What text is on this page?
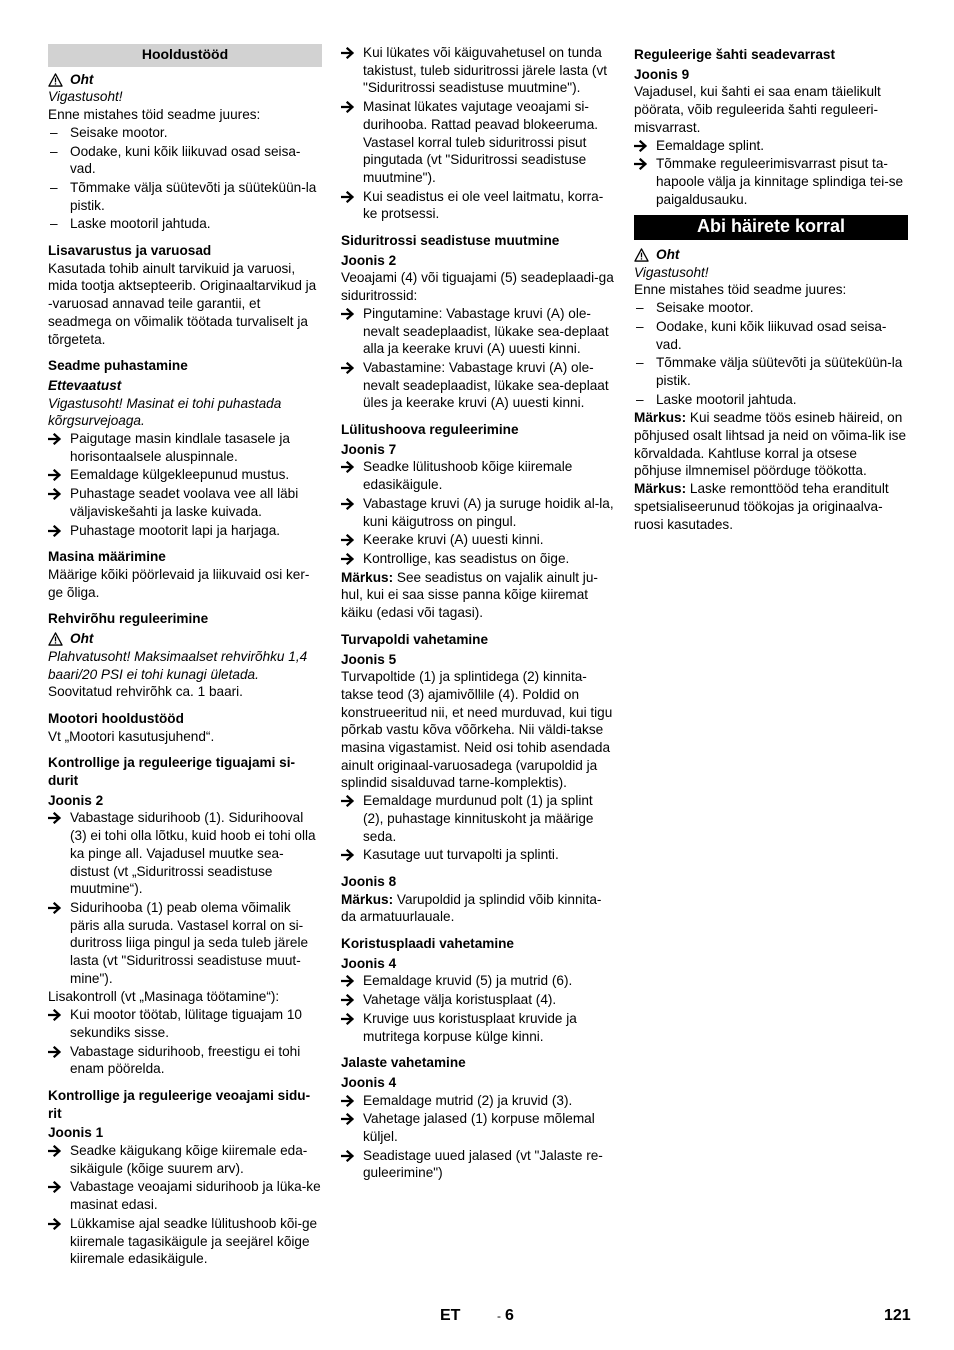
Hooldustööd
Oht
Vigastusoht!
Enne mistahes töid seadme juures:
– Seisake mootor.
– Oodake, kuni kõik liikuvad osad seisa-vad.
– Tõmmake välja süütevõti ja süüteküün-la pistik.
– Laske mootoril jahtuda.
Lisavarustus ja varuosad
Kasutada tohib ainult tarvikuid ja varuosi, mida tootja aktsepteerib. Originaaltarvikud ja -varuosad annavad teile garantii, et seadmega on võimalik töötada turvaliselt ja tõrgeteta.
Seadme puhastamine
Ettevaatust
Vigastusoht! Masinat ei tohi puhastada kõrgsurvejoaga.
Paigutage masin kindlale tasasele ja horisontaalsele aluspinnale.
Eemaldage külgekleepunud mustus.
Puhastage seadet voolava vee all läbi väljaviskešahti ja laske kuivada.
Puhastage mootorit lapi ja harjaga.
Masina määrimine
Määrige kõiki pöörlevaid ja liikuvaid osi ker-ge õliga.
Rehvirõhu reguleerimine
Oht
Plahvatusoht! Maksimaalset rehvirõhku 1,4 baari/20 PSI ei tohi kunagi ületada.
Soovitatud rehvirõhk ca. 1 baari.
Mootori hooldustööd
Vt „Mootori kasutusjuhend“.
Kontrollige ja reguleerige tiguajami si-durit
Joonis 2
Vabastage sidurihoob (1). Sidurihooval (3) ei tohi olla lõtku, kuid hoob ei tohi olla ka pinge all. Vajadusel muutke sea-distust (vt „Siduritrossi seadistuse muutmine“).
Sidurihooba (1) peab olema võimalik päris alla suruda. Vastasel korral on si-duritross liiga pingul ja seda tuleb järele lasta (vt "Siduritrossi seadistuse muut-mine").
Lisakontroll (vt „Masinaga töötamine“):
Kui mootor töötab, lülitage tiguajam 10 sekundiks sisse.
Vabastage sidurihoob, freestigu ei tohi enam pöörelda.
Kontrollige ja reguleerige veoajami sidu-rit
Joonis 1
Seadke käigukang kõige kiiremale eda-sikäigule (kõige suurem arv).
Vabastage veoajami sidurihoob ja lüka-ke masinat edasi.
Lükkamise ajal seadke lülitushoob kõi-ge kiiremale tagasikäigule ja seejärel kõige kiiremale edasikäigule.
Kui lükates või käiguvahetusel on tunda takistust, tuleb siduritrossi järele lasta (vt "Siduritrossi seadistuse muutmine").
Masinat lükates vajutage veoajami si-durihooba. Rattad peavad blokeeruma. Vastasel korral tuleb siduritrossi pisut pingutada (vt "Siduritrossi seadistuse muutmine").
Kui seadistus ei ole veel laitmatu, korra-ke protsessi.
Siduritrossi seadistuse muutmine
Joonis 2
Veoajami (4) või tiguajami (5) seadeplaadi-ga siduritrossid:
Pingutamine: Vabastage kruvi (A) ole-nevalt seadeplaadist, lükake sea-deplaat alla ja keerake kruvi (A) uuesti kinni.
Vabastamine: Vabastage kruvi (A) ole-nevalt seadeplaadist, lükake sea-deplaat üles ja keerake kruvi (A) uuesti kinni.
Lülitushoova reguleerimine
Joonis 7
Seadke lülitushoob kõige kiiremale edasikäigule.
Vabastage kruvi (A) ja suruge hoidik al-la, kuni käigutross on pingul.
Keerake kruvi (A) uuesti kinni.
Kontrollige, kas seadistus on õige.
Märkus: See seadistus on vajalik ainult ju-hul, kui ei saa sisse panna kõige kiiremat käiku (edasi või tagasi).
Turvapoldi vahetamine
Joonis 5
Turvapoltide (1) ja splintidega (2) kinnita-takse teod (3) ajamivõllile (4). Poldid on konstrueeritud nii, et need murduvad, kui tigu põrkab vastu kõva võõrkeha. Nii väldi-takse masina vigastamist. Neid osi tohib asendada ainult originaal-varuosadega (varupoldid ja splindid sisalduvad tarne-komplektis).
Eemaldage murdunud polt (1) ja splint (2), puhastage kinnituskoht ja määrige seda.
Kasutage uut turvapolti ja splinti.
Joonis 8
Märkus: Varupoldid ja splindid võib kinnita-da armatuurlauale.
Koristusplaadi vahetamine
Joonis 4
Eemaldage kruvid (5) ja mutrid (6).
Vahetage välja koristusplaat (4).
Kruvige uus koristusplaat kruvide ja mutritega korpuse külge kinni.
Jalaste vahetamine
Joonis 4
Eemaldage mutrid (2) ja kruvid (3).
Vahetage jalased (1) korpuse mõlemal küljel.
Seadistage uued jalased (vt "Jalaste re-guleerimine")
Reguleerige šahti seadevarrast
Joonis 9
Vajadusel, kui šahti ei saa enam täielikult pöörata, võib reguleerida šahti reguleeri-misvarrast.
Eemaldage splint.
Tõmmake reguleerimisvarrast pisut ta-hapoole välja ja kinnitage splindiga tei-se paigaldusauku.
Abi häirete korral
Oht
Vigastusoht!
Enne mistahes töid seadme juures:
– Seisake mootor.
– Oodake, kuni kõik liikuvad osad seisa-vad.
– Tõmmake välja süütevõti ja süüteküün-la pistik.
– Laske mootoril jahtuda.
Märkus: Kui seadme töös esineb häireid, on põhjused osalt lihtsad ja neid on võima-lik ise kõrvaldada. Kahtluse korral ja otsese põhjuse ilmnemisel pöörduge töökotta.
Märkus: Laske remonttööd teha eranditult spetsialiseerunud töökojas ja originaalva-ruosi kasutades.
ET	- 6	121
